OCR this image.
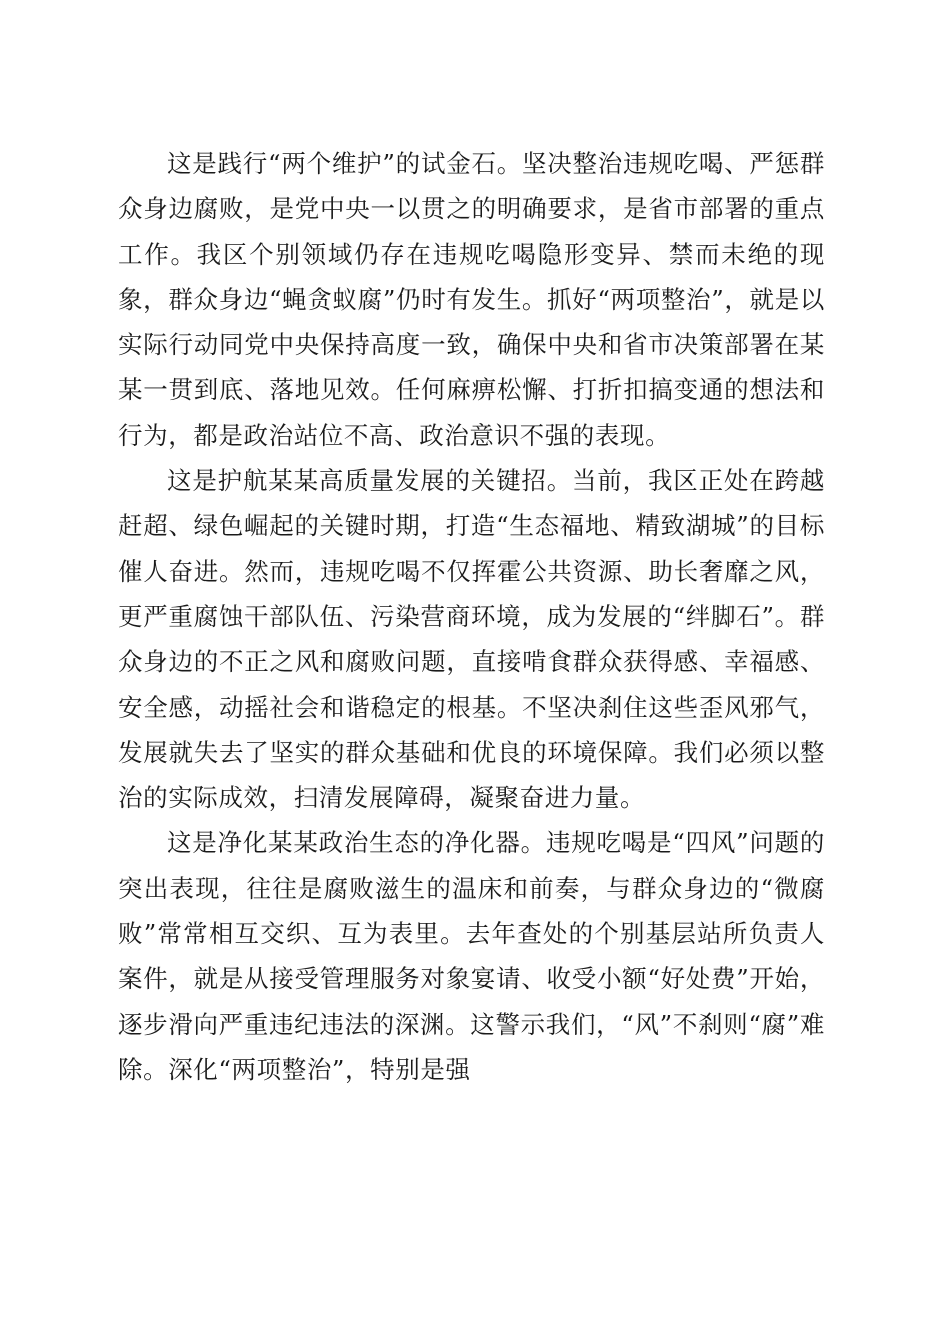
这是践行“两个维护”的试金石。坚决整治违规吃喝、严惩群众身边腐败，是党中央一以贯之的明确要求，是省市部署的重点工作。我区个别领域仍存在违规吃喝隐形变异、禁而未绝的现象，群众身边“蝇贪蚁腐”仍时有发生。抓好“两项整治”，就是以实际行动同党中央保持高度一致，确保中央和省市决策部署在某某一贯到底、落地见效。任何麻痹松懈、打折扣搞变通的想法和行为，都是政治站位不高、政治意识不强的表现。

这是护航某某高质量发展的关键招。当前，我区正处在跨越赶超、绿色崛起的关键时期，打造“生态福地、精致湖城”的目标催人奋进。然而，违规吃喝不仅挥霍公共资源、助长奢靡之风，更严重腐蚀干部队伍、污染营商环境，成为发展的“绊脚石”。群众身边的不正之风和腐败问题，直接啃食群众获得感、幸福感、安全感，动摇社会和谐稳定的根基。不坚决刹住这些歪风邪气，发展就失去了坚实的群众基础和优良的环境保障。我们必须以整治的实际成效，扫清发展障碍，凝聚奋进力量。

这是净化某某政治生态的净化器。违规吃喝是“四风”问题的突出表现，往往是腐败滋生的温床和前奏，与群众身边的“微腐败”常常相互交织、互为表里。去年查处的个别基层站所负责人案件，就是从接受管理服务对象宴请、收受小额“好处费”开始，逐步滑向严重违纪违法的深渊。这警示我们，“风”不刹则“腐”难除。深化“两项整治”，特别是强
